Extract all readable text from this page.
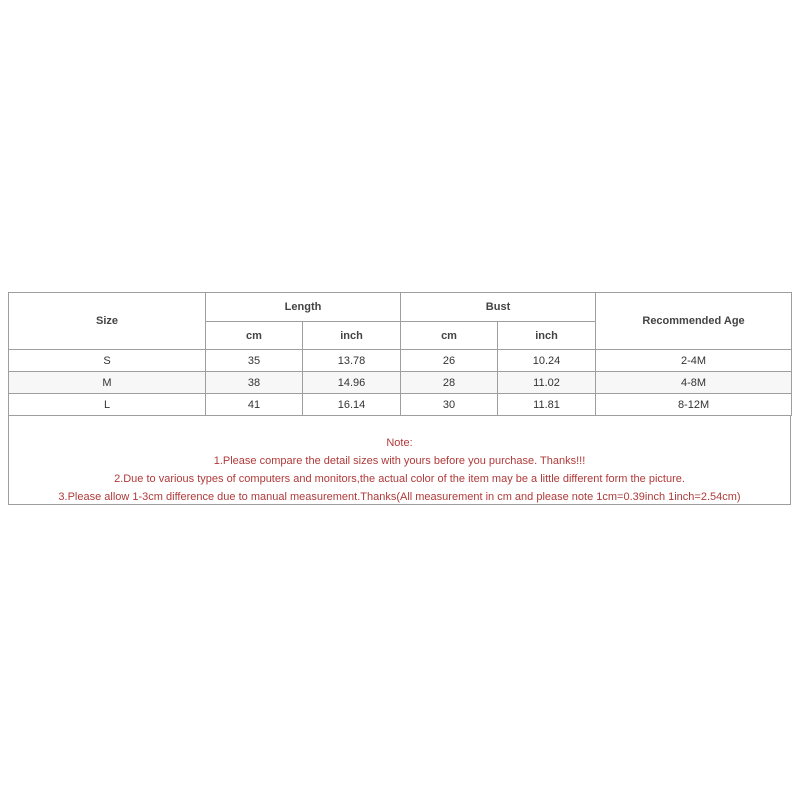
Size	Length		Bust		Recommended Age
	cm	inch	cm	inch	
S	35	13.78	26	10.24	2-4M
M	38	14.96	28	11.02	4-8M
L	41	16.14	30	11.81	8-12M
Note:
1.Please compare the detail sizes with yours before you purchase. Thanks!!!
2.Due to various types of computers and monitors,the actual color of the item may be a little different form the picture.
3.Please allow 1-3cm difference due to manual measurement.Thanks(All measurement in cm and please note 1cm=0.39inch 1inch=2.54cm)
